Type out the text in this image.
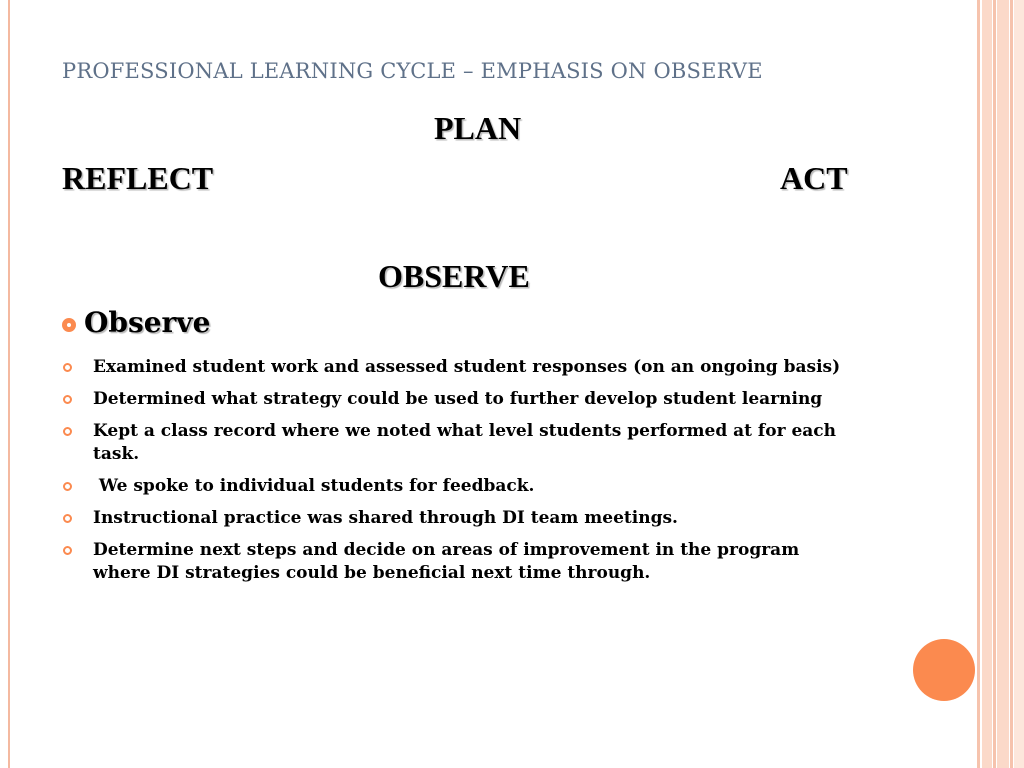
PROFESSIONAL LEARNING CYCLE – EMPHASIS ON OBSERVE
PLAN
REFLECT	ACT
OBSERVE
Observe
Examined student work and assessed student responses (on an ongoing basis)
Determined what strategy could be used to further develop student learning
Kept a class record where we noted what level students performed at for each task.
We spoke to individual students for feedback.
Instructional practice was shared through DI team meetings.
Determine next steps and decide on areas of improvement in the program where DI strategies could be beneficial next time through.
